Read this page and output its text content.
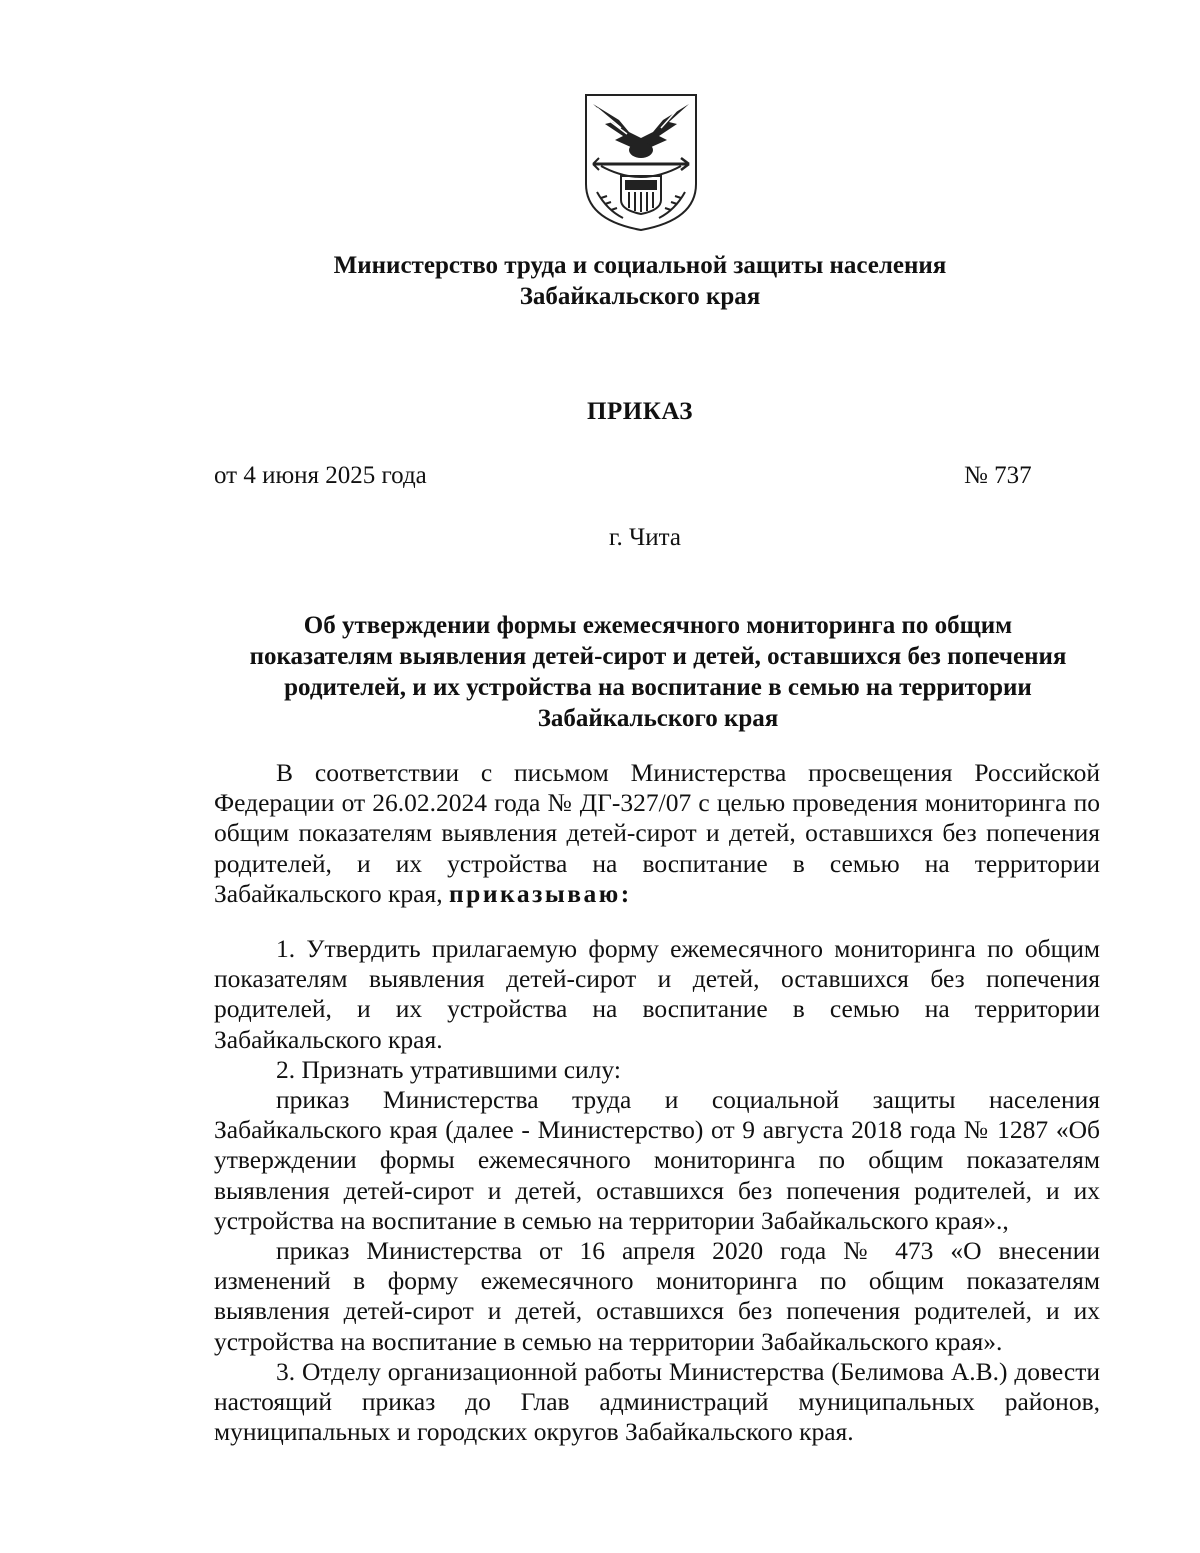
Министерство труда и социальной защиты населения
Забайкальского края
ПРИКАЗ
от 4 июня 2025 года	№ 737
г. Чита
Об утверждении формы ежемесячного мониторинга по общим
показателям выявления детей-сирот и детей, оставшихся без попечения
родителей, и их устройства на воспитание в семью на территории
Забайкальского края

В соответствии с письмом Министерства просвещения Российской Федерации от 26.02.2024 года № ДГ-327/07 с целью проведения мониторинга по общим показателям выявления детей-сирот и детей, оставшихся без попечения родителей, и их устройства на воспитание в семью на территории Забайкальского края, приказываю:

1. Утвердить прилагаемую форму ежемесячного мониторинга по общим показателям выявления детей-сирот и детей, оставшихся без попечения родителей, и их устройства на воспитание в семью на территории Забайкальского края.

2. Признать утратившими силу:

приказ Министерства труда и социальной защиты населения Забайкальского края (далее - Министерство) от 9 августа 2018 года № 1287 «Об утверждении формы ежемесячного мониторинга по общим показателям выявления детей-сирот и детей, оставшихся без попечения родителей, и их устройства на воспитание в семью на территории Забайкальского края».,

приказ Министерства от 16 апреля 2020 года № 473 «О внесении изменений в форму ежемесячного мониторинга по общим показателям выявления детей-сирот и детей, оставшихся без попечения родителей, и их устройства на воспитание в семью на территории Забайкальского края».

3. Отделу организационной работы Министерства (Белимова А.В.) довести настоящий приказ до Глав администраций муниципальных районов, муниципальных и городских округов Забайкальского края.
